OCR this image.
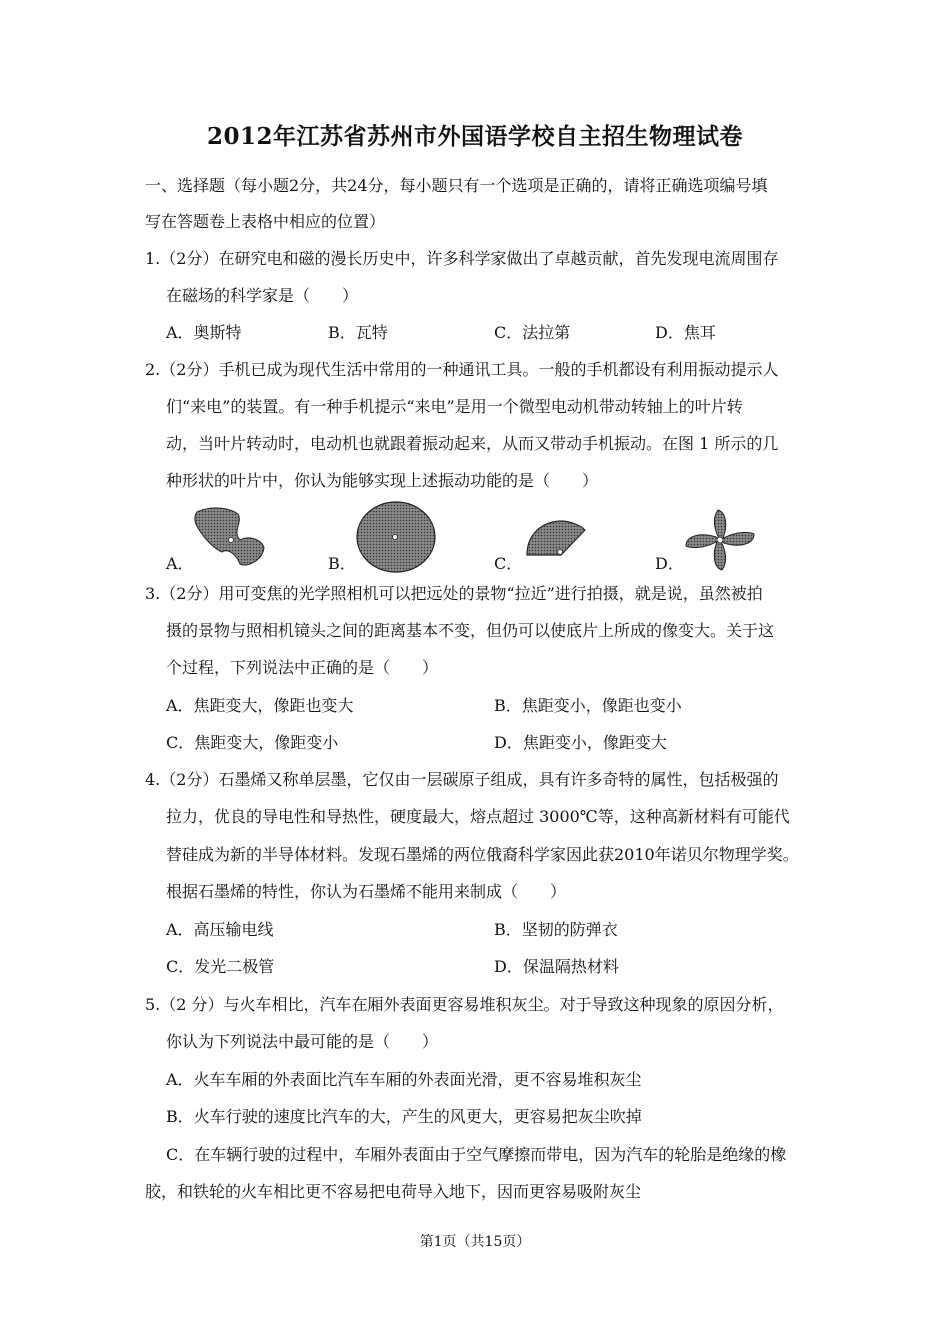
2012年江苏省苏州市外国语学校自主招生物理试卷
一、选择题（每小题2分，共24分，每小题只有一个选项是正确的，请将正确选项编号填
写在答题卷上表格中相应的位置）
1.（2分）在研究电和磁的漫长历史中，许多科学家做出了卓越贡献，首先发现电流周围存
在磁场的科学家是（　　）
A．奥斯特	B．瓦特	C．法拉第	D．焦耳
2.（2分）手机已成为现代生活中常用的一种通讯工具。一般的手机都设有利用振动提示人
们“来电”的装置。有一种手机提示“来电”是用一个微型电动机带动转轴上的叶片转
动，当叶片转动时，电动机也就跟着振动起来，从而又带动手机振动。在图 1 所示的几
种形状的叶片中，你认为能够实现上述振动功能的是（　　）
A．	B．	C．	D．
3.（2分）用可变焦的光学照相机可以把远处的景物“拉近”进行拍摄，就是说，虽然被拍
摄的景物与照相机镜头之间的距离基本不变，但仍可以使底片上所成的像变大。关于这
个过程，下列说法中正确的是（　　）
A．焦距变大，像距也变大	B．焦距变小，像距也变小
C．焦距变大，像距变小	D．焦距变小，像距变大
4.（2分）石墨烯又称单层墨，它仅由一层碳原子组成，具有许多奇特的属性，包括极强的
拉力，优良的导电性和导热性，硬度最大，熔点超过 3000℃等，这种高新材料有可能代
替硅成为新的半导体材料。发现石墨烯的两位俄裔科学家因此获2010年诺贝尔物理学奖。
根据石墨烯的特性，你认为石墨烯不能用来制成（　　）
A．高压输电线	B．坚韧的防弹衣
C．发光二极管	D．保温隔热材料
5.（2 分）与火车相比，汽车在厢外表面更容易堆积灰尘。对于导致这种现象的原因分析，
你认为下列说法中最可能的是（　　）
A．火车车厢的外表面比汽车车厢的外表面光滑，更不容易堆积灰尘
B．火车行驶的速度比汽车的大，产生的风更大，更容易把灰尘吹掉
C．在车辆行驶的过程中，车厢外表面由于空气摩擦而带电，因为汽车的轮胎是绝缘的橡
胶，和铁轮的火车相比更不容易把电荷导入地下，因而更容易吸附灰尘
第1页（共15页）
